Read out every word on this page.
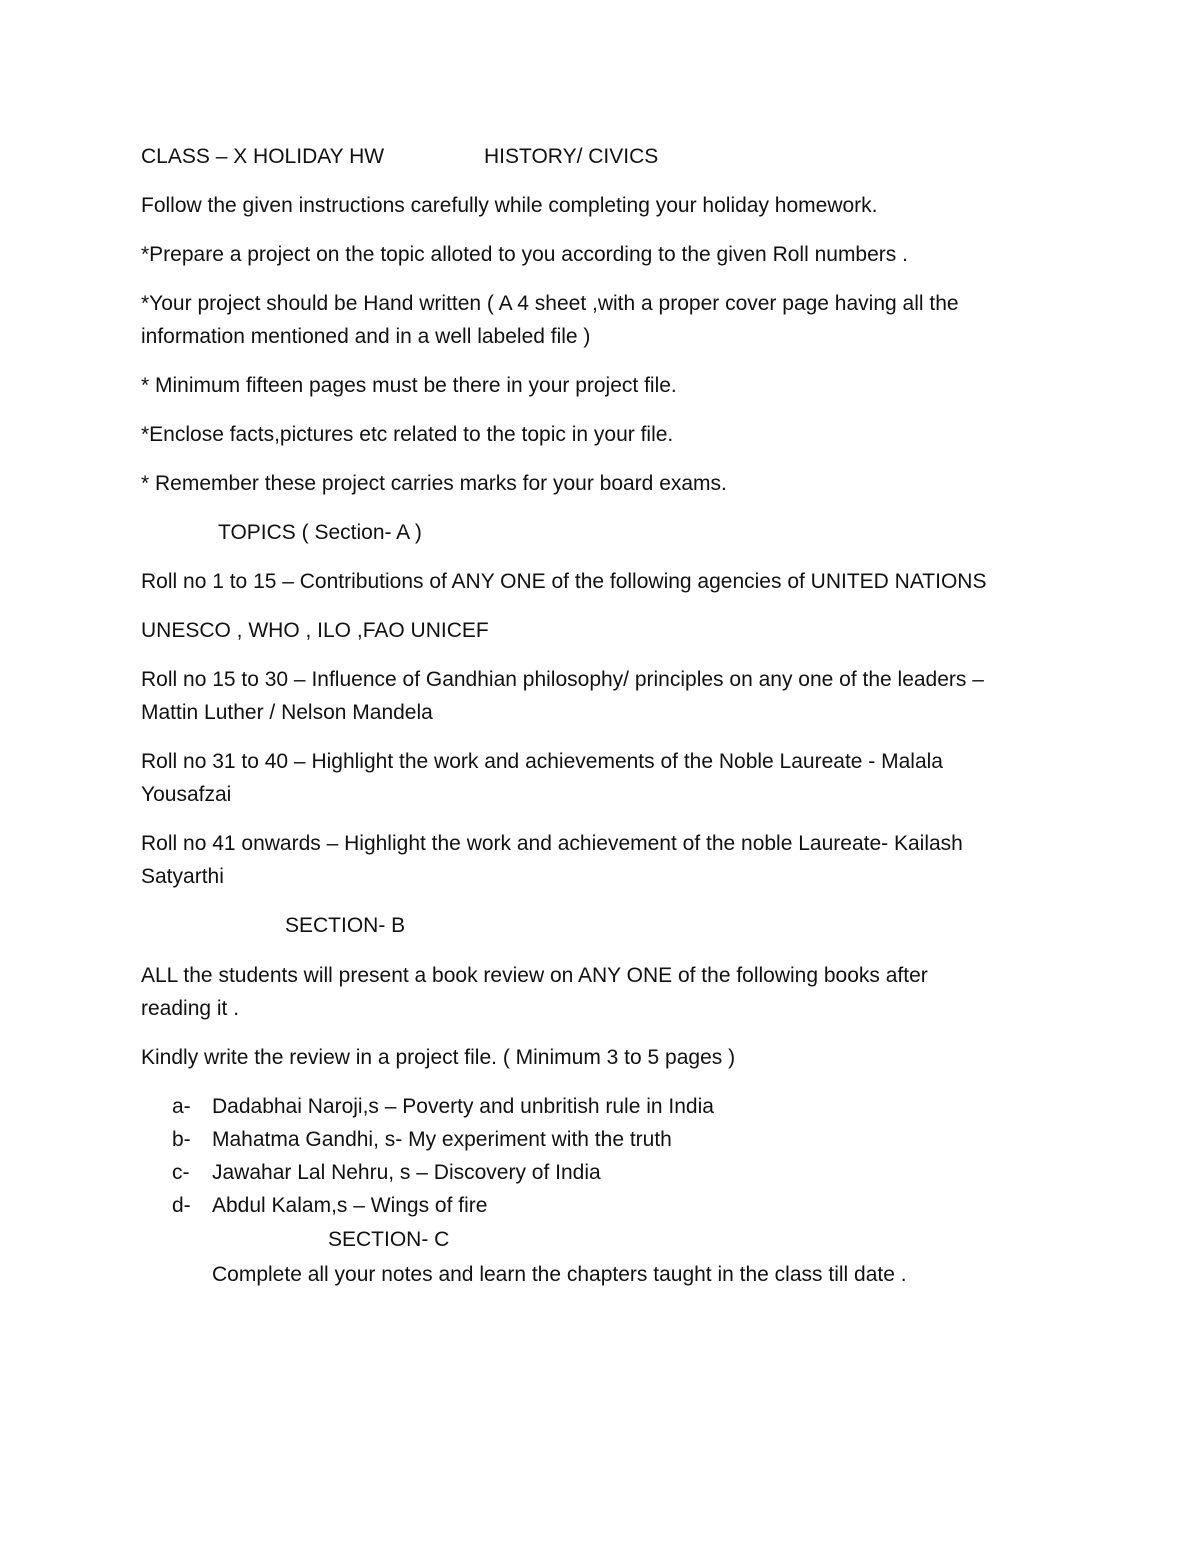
CLASS – X HOLIDAY HW	HISTORY/ CIVICS
Follow the given instructions carefully while completing your holiday homework.
*Prepare a project on the topic alloted to you according to the given Roll numbers .
*Your project should be Hand written ( A 4 sheet ,with a proper cover page having all the
information mentioned and in a well labeled file )
* Minimum fifteen pages must be there in your project file.
*Enclose facts,pictures etc related to the topic in your file.
* Remember these project carries marks for your board exams.
TOPICS ( Section- A )
Roll no 1 to 15 – Contributions of ANY ONE of the following agencies of UNITED NATIONS
UNESCO , WHO , ILO ,FAO UNICEF
Roll no 15 to 30 – Influence of Gandhian philosophy/ principles on any one of the leaders –
Mattin Luther / Nelson Mandela
Roll no 31 to 40 – Highlight the work and achievements of the Noble Laureate - Malala
Yousafzai
Roll no 41 onwards – Highlight the work and achievement of the noble Laureate- Kailash
Satyarthi
SECTION- B
ALL the students will present a book review on ANY ONE of the following books after
reading it .
Kindly write the review in a project file. ( Minimum 3 to 5 pages )
a- Dadabhai Naroji,s – Poverty and unbritish rule in India
b- Mahatma Gandhi, s- My experiment with the truth
c- Jawahar Lal Nehru, s – Discovery of India
d- Abdul Kalam,s – Wings of fire
SECTION- C
Complete all your notes and learn the chapters taught in the class till date .
